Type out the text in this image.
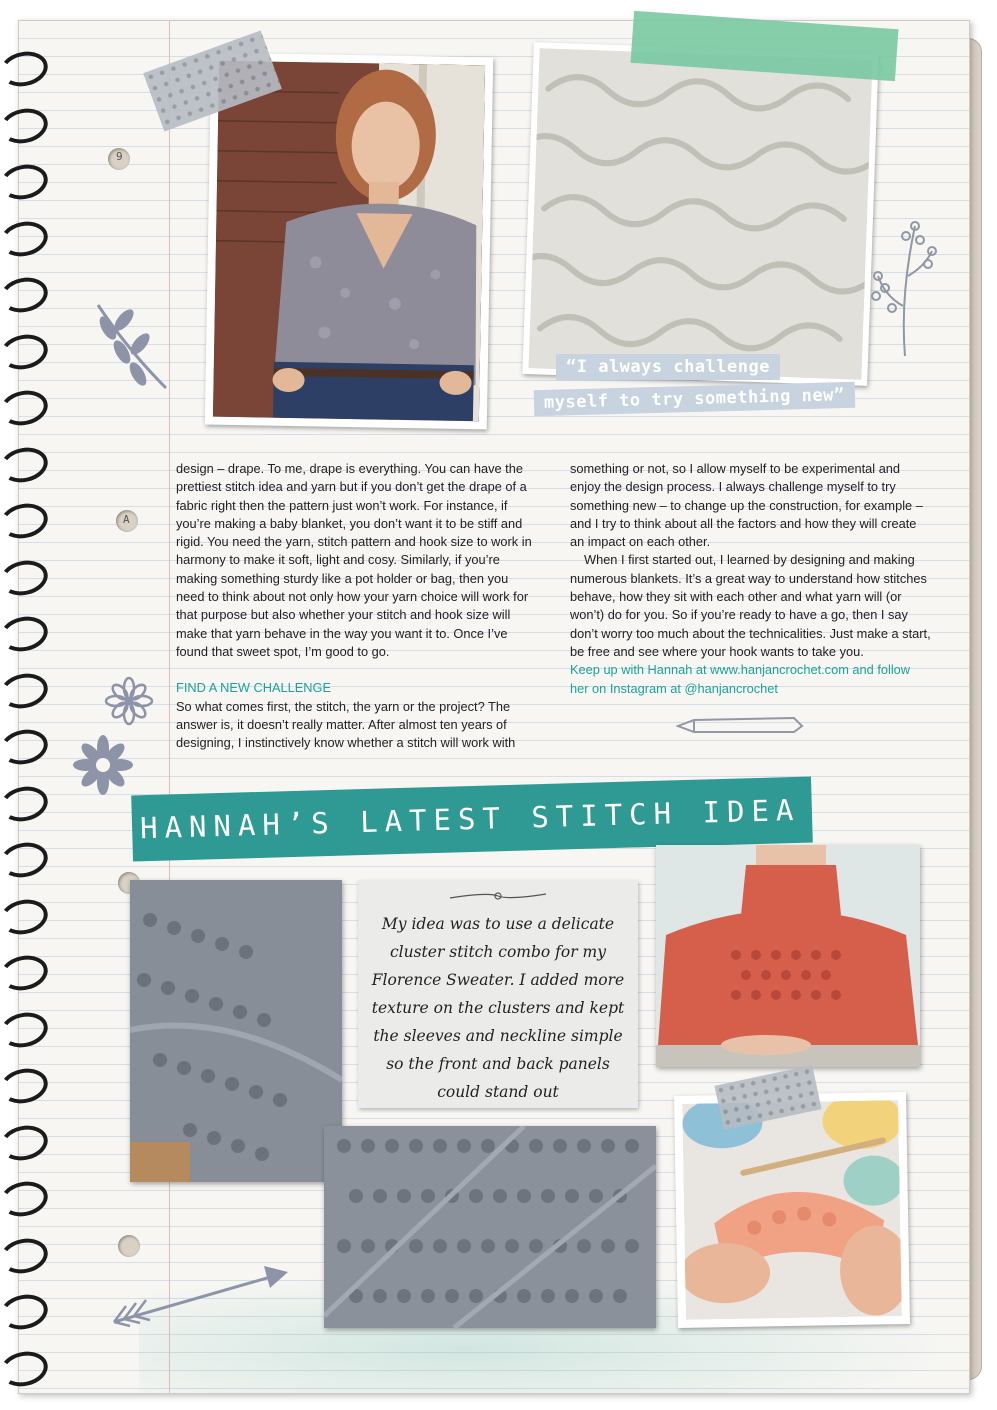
9
A
“I always challenge
myself to try something new”

design – drape. To me, drape is everything. You can have the prettiest stitch idea and yarn but if you don’t get the drape of a fabric right then the pattern just won’t work. For instance, if you’re making a baby blanket, you don’t want it to be stiff and rigid. You need the yarn, stitch pattern and hook size to work in harmony to make it soft, light and cosy. Similarly, if you’re making something sturdy like a pot holder or bag, then you need to think about not only how your yarn choice will work for that purpose but also whether your stitch and hook size will make that yarn behave in the way you want it to. Once I’ve found that sweet spot, I’m good to go.

FIND A NEW CHALLENGE

So what comes first, the stitch, the yarn or the project? The answer is, it doesn’t really matter. After almost ten years of designing, I instinctively know whether a stitch will work with

something or not, so I allow myself to be experimental and enjoy the design process. I always challenge myself to try something new – to change up the construction, for example – and I try to think about all the factors and how they will create an impact on each other.

When I first started out, I learned by designing and making numerous blankets. It’s a great way to understand how stitches behave, how they sit with each other and what yarn will (or won’t) do for you. So if you’re ready to have a go, then I say don’t worry too much about the technicalities. Just make a start, be free and see where your hook wants to take you.

Keep up with Hannah at www.hanjancrochet.com and follow her on Instagram at @hanjancrochet

HANNAH’S LATEST STITCH IDEA
My idea was to use a delicate cluster stitch combo for my Florence Sweater. I added more texture on the clusters and kept the sleeves and neckline simple so the front and back panels could stand out
